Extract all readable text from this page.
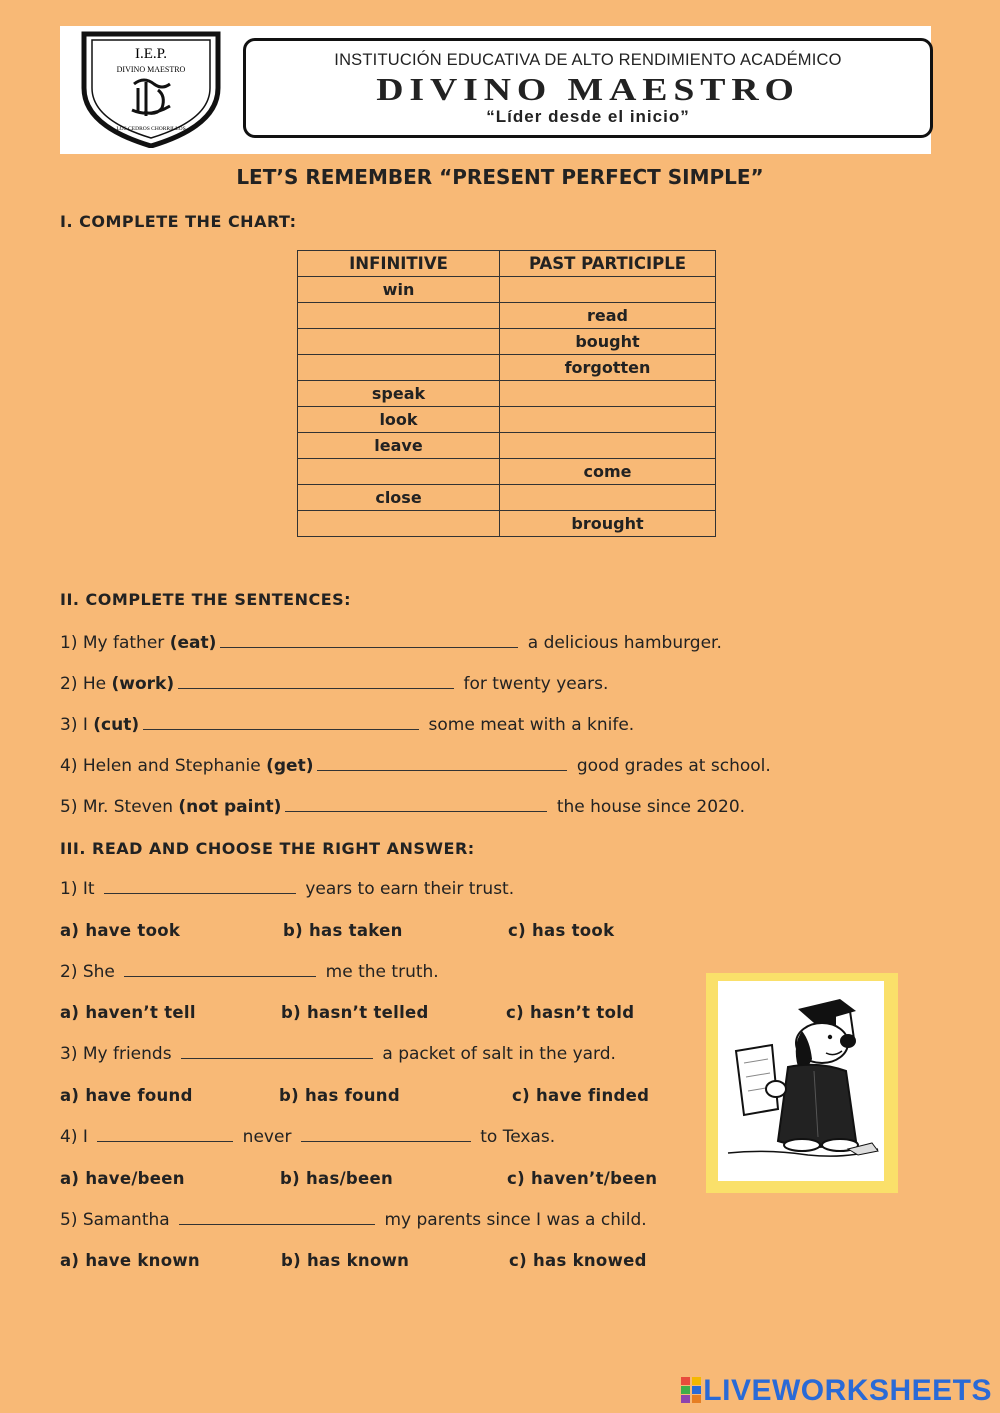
I.E.P.
DIVINO MAESTRO
LOS CEDROS CHORRILLOS
INSTITUCIÓN EDUCATIVA DE ALTO RENDIMIENTO ACADÉMICO
DIVINO MAESTRO
“Líder desde el inicio”
LET’S REMEMBER “PRESENT PERFECT SIMPLE”
I. COMPLETE THE CHART:
INFINITIVE	PAST PARTICIPLE
win	
	read
	bought
	forgotten
speak	
look	
leave	
	come
close	
	brought
II. COMPLETE THE SENTENCES:
1) My father (eat)	a delicious hamburger.
2) He (work)	for twenty years.
3) I (cut)	some meat with a knife.
4) Helen and Stephanie (get)	good grades at school.
5) Mr. Steven (not paint)	the house since 2020.
III. READ AND CHOOSE THE RIGHT ANSWER:
1) It	years to earn their trust.
a) have took	b) has taken	c) has took
2) She	me the truth.
a) haven’t tell	b) hasn’t telled	c) hasn’t told
3) My friends	a packet of salt in the yard.
a) have found	b) has found	c) have finded
4) I	never	to Texas.
a) have/been	b) has/been	c) haven’t/been
5) Samantha	my parents since I was a child.
a) have known	b) has known	c) has knowed
LIVEWORKSHEETS
